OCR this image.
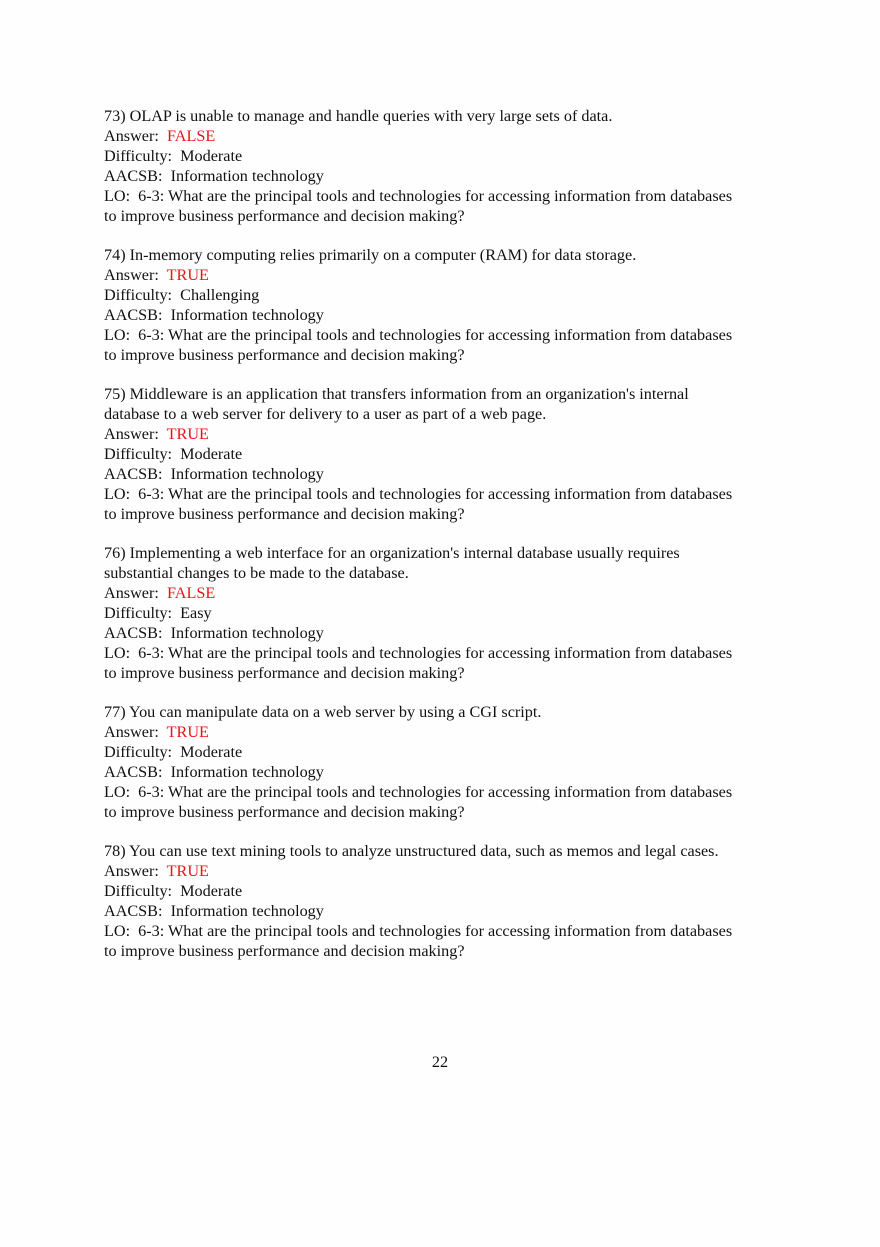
73) OLAP is unable to manage and handle queries with very large sets of data.
Answer: FALSE
Difficulty: Moderate
AACSB: Information technology
LO: 6-3: What are the principal tools and technologies for accessing information from databases
to improve business performance and decision making?
74) In-memory computing relies primarily on a computer (RAM) for data storage.
Answer: TRUE
Difficulty: Challenging
AACSB: Information technology
LO: 6-3: What are the principal tools and technologies for accessing information from databases
to improve business performance and decision making?
75) Middleware is an application that transfers information from an organization's internal
database to a web server for delivery to a user as part of a web page.
Answer: TRUE
Difficulty: Moderate
AACSB: Information technology
LO: 6-3: What are the principal tools and technologies for accessing information from databases
to improve business performance and decision making?
76) Implementing a web interface for an organization's internal database usually requires
substantial changes to be made to the database.
Answer: FALSE
Difficulty: Easy
AACSB: Information technology
LO: 6-3: What are the principal tools and technologies for accessing information from databases
to improve business performance and decision making?
77) You can manipulate data on a web server by using a CGI script.
Answer: TRUE
Difficulty: Moderate
AACSB: Information technology
LO: 6-3: What are the principal tools and technologies for accessing information from databases
to improve business performance and decision making?
78) You can use text mining tools to analyze unstructured data, such as memos and legal cases.
Answer: TRUE
Difficulty: Moderate
AACSB: Information technology
LO: 6-3: What are the principal tools and technologies for accessing information from databases
to improve business performance and decision making?
22
